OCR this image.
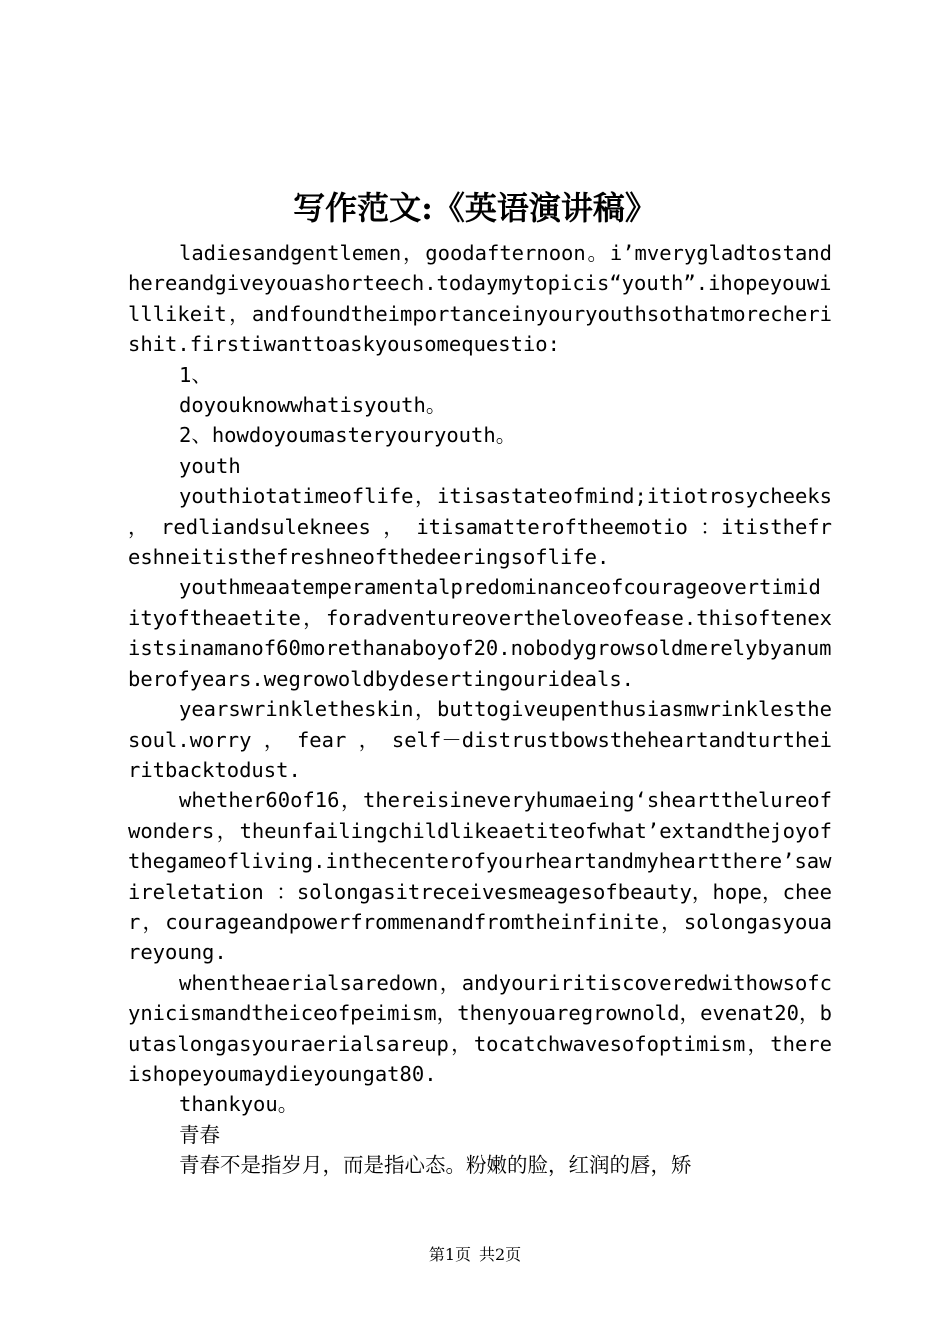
写作范文:《英语演讲稿》

ladiesandgentlemen，goodafternoon。i’mverygladtostandhereandgiveyouashorteech.todaymytopicis“youth”.ihopeyouwilllikeit，andfoundtheimportanceinyouryouthsothatmorecherishit.firstiwanttoaskyousomequestio:

1、

doyouknowwhatisyouth。

2、howdoyoumasteryouryouth。

youth

youthiotatimeoflife，itisastateofmind;itiotrosycheeks ， redliandsuleknees ， itisamatteroftheemotio ：itisthefreshneitisthefreshneofthedeeringsoflife.

youthmeaatemperamentalpredominanceofcourageovertimidityoftheaetite，foradventureovertheloveofease.thisoftenexistsinamanof60morethanaboyof20.nobodygrowsoldmerelybyanumberofyears.wegrowoldbydesertingourideals.

yearswrinkletheskin，buttogiveupenthusiasmwrinklesthesoul.worry ， fear ， self－distrustbowstheheartandturtheiritbacktodust.

whether60of16，thereisineveryhumaeing‘sheartthelureofwonders，theunfailingchildlikeaetiteofwhat’extandthejoyofthegameofliving.inthecenterofyourheartandmyheartthere’sawireletation ：solongasitreceivesmeagesofbeauty，hope，cheer，courageandpowerfrommenandfromtheinfinite，solongasyouareyoung.

whentheaerialsaredown，andyouriritiscoveredwithowsofcynicismandtheiceofpeimism，thenyouaregrownold，evenat20，butaslongasyouraerialsareup，tocatchwavesofoptimism，thereishopeyoumaydieyoungat80.

thankyou。

青春

青春不是指岁月，而是指心态。粉嫩的脸，红润的唇，矫

第1页 共2页
